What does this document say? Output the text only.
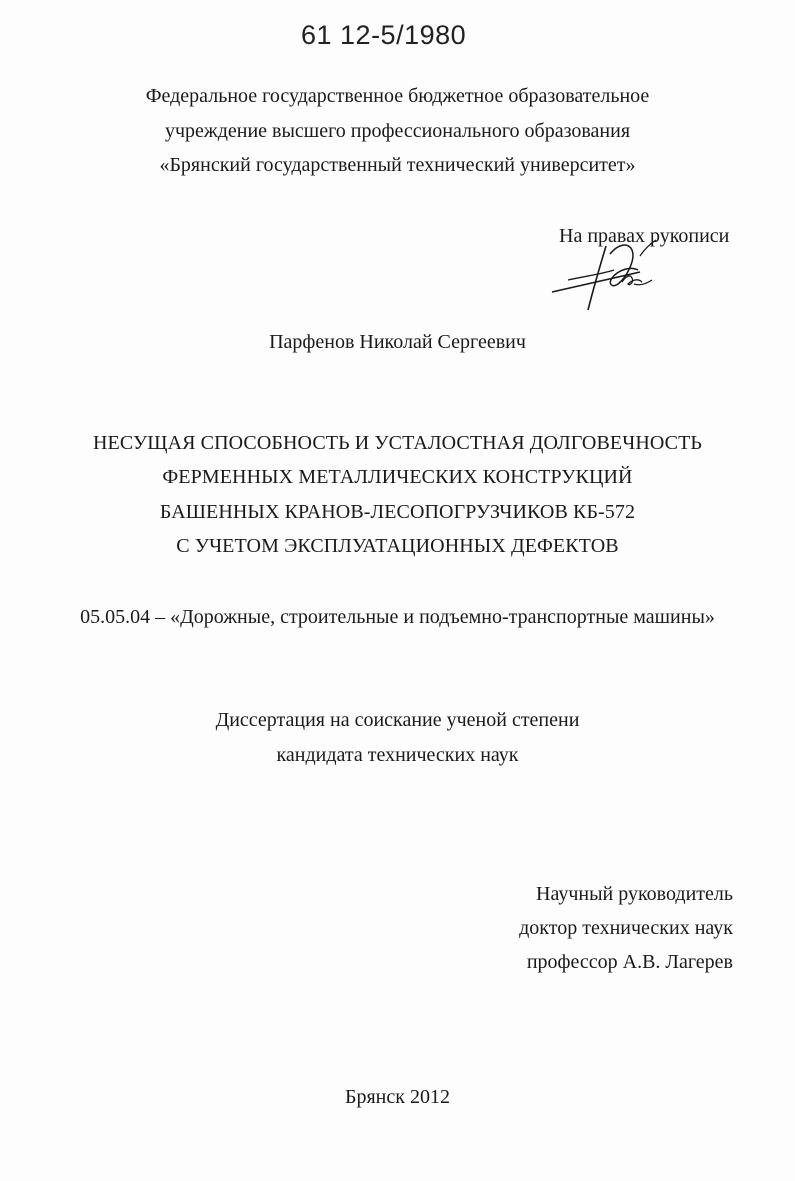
61 12-5/1980
Федеральное государственное бюджетное образовательное
учреждение высшего профессионального образования
«Брянский государственный технический университет»
На правах рукописи
Парфенов Николай Сергеевич
НЕСУЩАЯ СПОСОБНОСТЬ И УСТАЛОСТНАЯ ДОЛГОВЕЧНОСТЬ
ФЕРМЕННЫХ МЕТАЛЛИЧЕСКИХ КОНСТРУКЦИЙ
БАШЕННЫХ КРАНОВ-ЛЕСОПОГРУЗЧИКОВ КБ-572
С УЧЕТОМ ЭКСПЛУАТАЦИОННЫХ ДЕФЕКТОВ
05.05.04 – «Дорожные, строительные и подъемно-транспортные машины»
Диссертация на соискание ученой степени
кандидата технических наук
Научный руководитель
доктор технических наук
профессор А.В. Лагерев
Брянск 2012
